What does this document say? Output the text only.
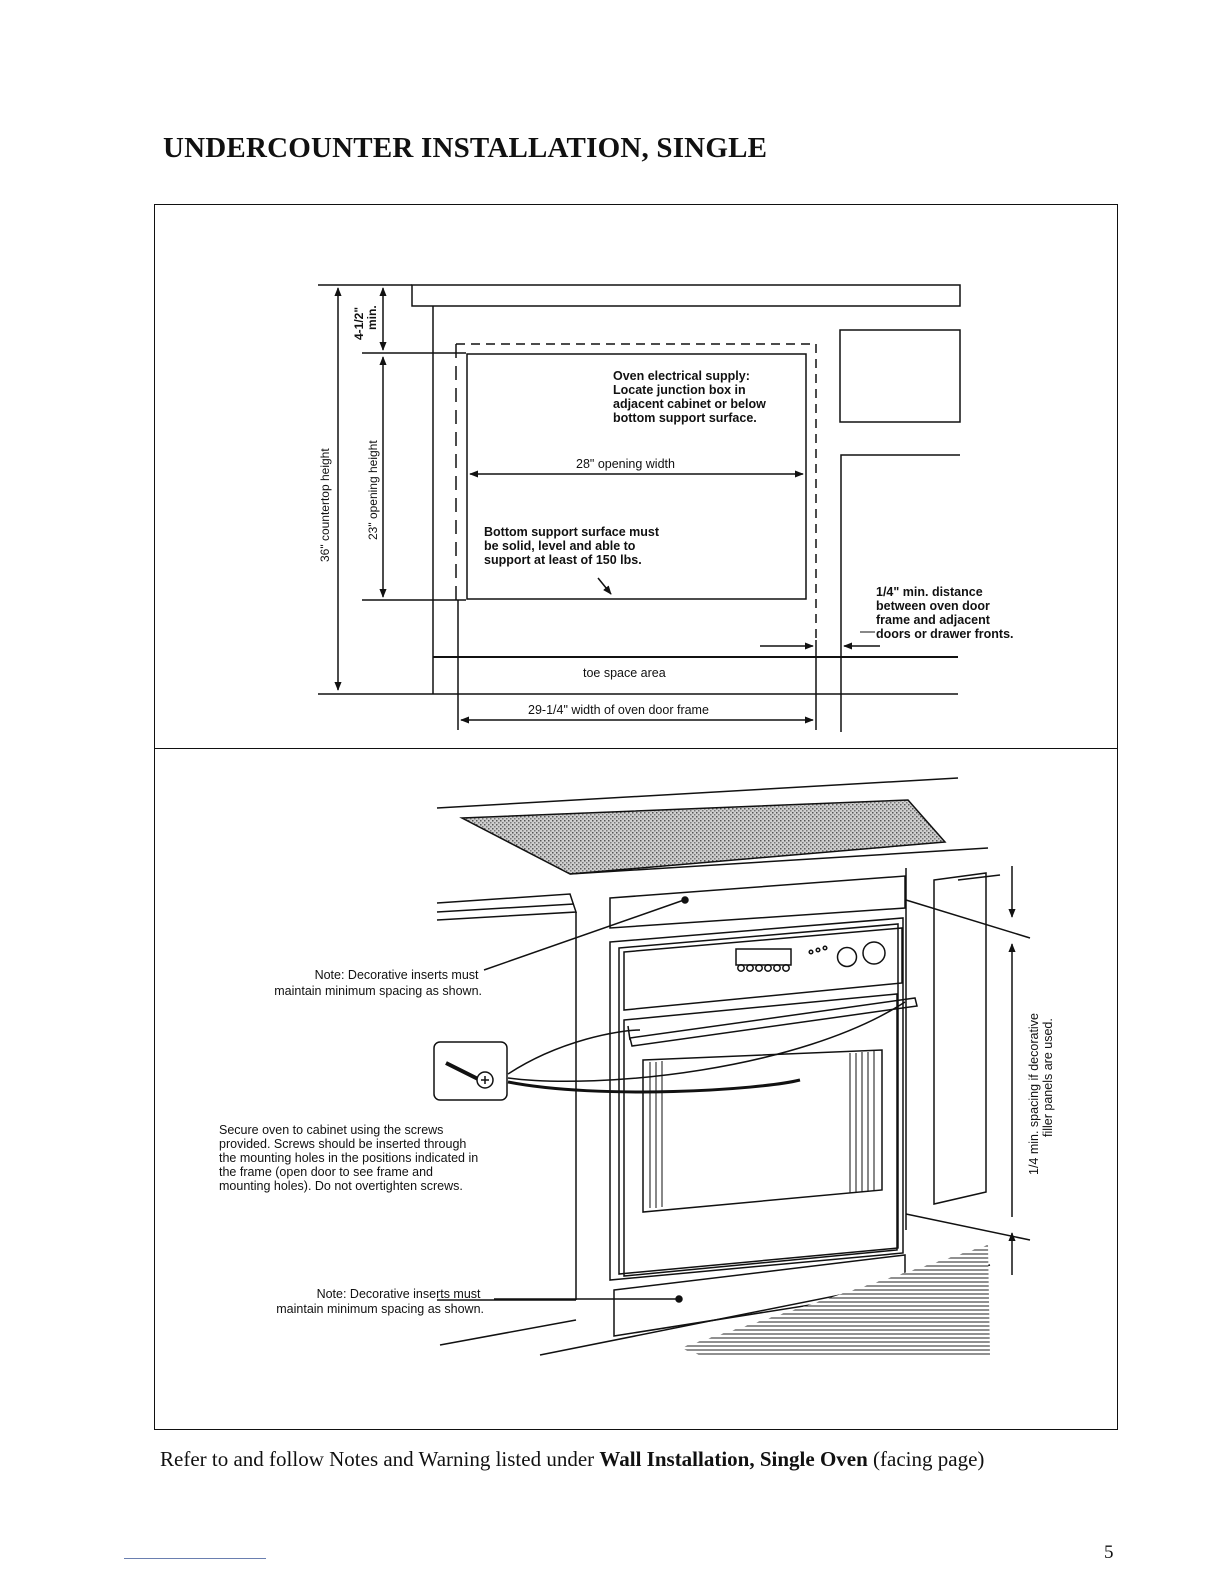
UNDERCOUNTER INSTALLATION, SINGLE
36" countertop height	23" opening height
4-1/2" min.
Oven electrical supply: Locate junction box in adjacent cabinet or below bottom support surface.
28" opening width
Bottom support surface must be solid, level and able to support at least of 150 lbs.
1/4" min. distance between oven door frame and adjacent doors or drawer fronts.
toe space area
29-1/4" width of oven door frame
Note: Decorative inserts must maintain minimum spacing as shown.
Secure oven to cabinet using the screws provided. Screws should be inserted through the mounting holes in the positions indicated in the frame (open door to see frame and mounting holes). Do not overtighten screws.
Note: Decorative inserts must maintain minimum spacing as shown.
1/4 min. spacing if decorative filler panels are used.

Refer to and follow Notes and Warning listed under Wall Installation, Single Oven (facing page)

5
